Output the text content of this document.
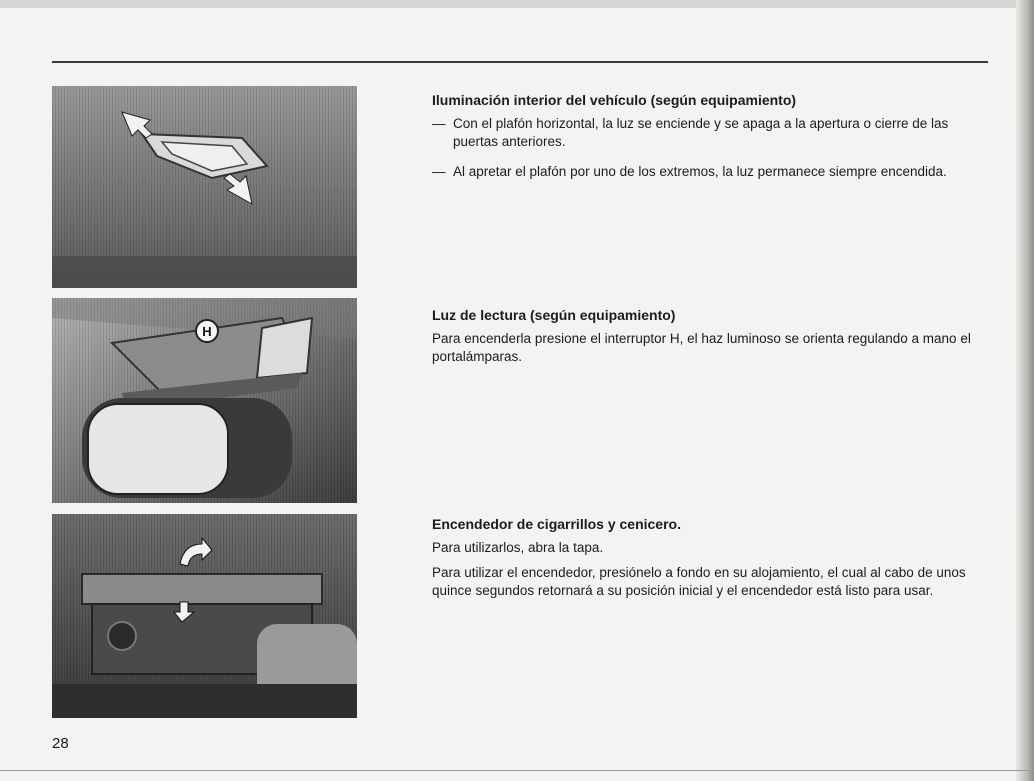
H
Iluminación interior del vehículo (según equipamiento)

— Con el plafón horizontal, la luz se enciende y se apaga a la apertura o cierre de las puertas anteriores.

— Al apretar el plafón por uno de los extremos, la luz permanece siempre encendida.

Luz de lectura (según equipamiento)

Para encenderla presione el interruptor H, el haz luminoso se orienta regulando a mano el portalámparas.

Encendedor de cigarrillos y cenicero.

Para utilizarlos, abra la tapa.

Para utilizar el encendedor, presiónelo a fondo en su alojamiento, el cual al cabo de unos quince segundos retornará a su posición inicial y el encendedor está listo para usar.

28
